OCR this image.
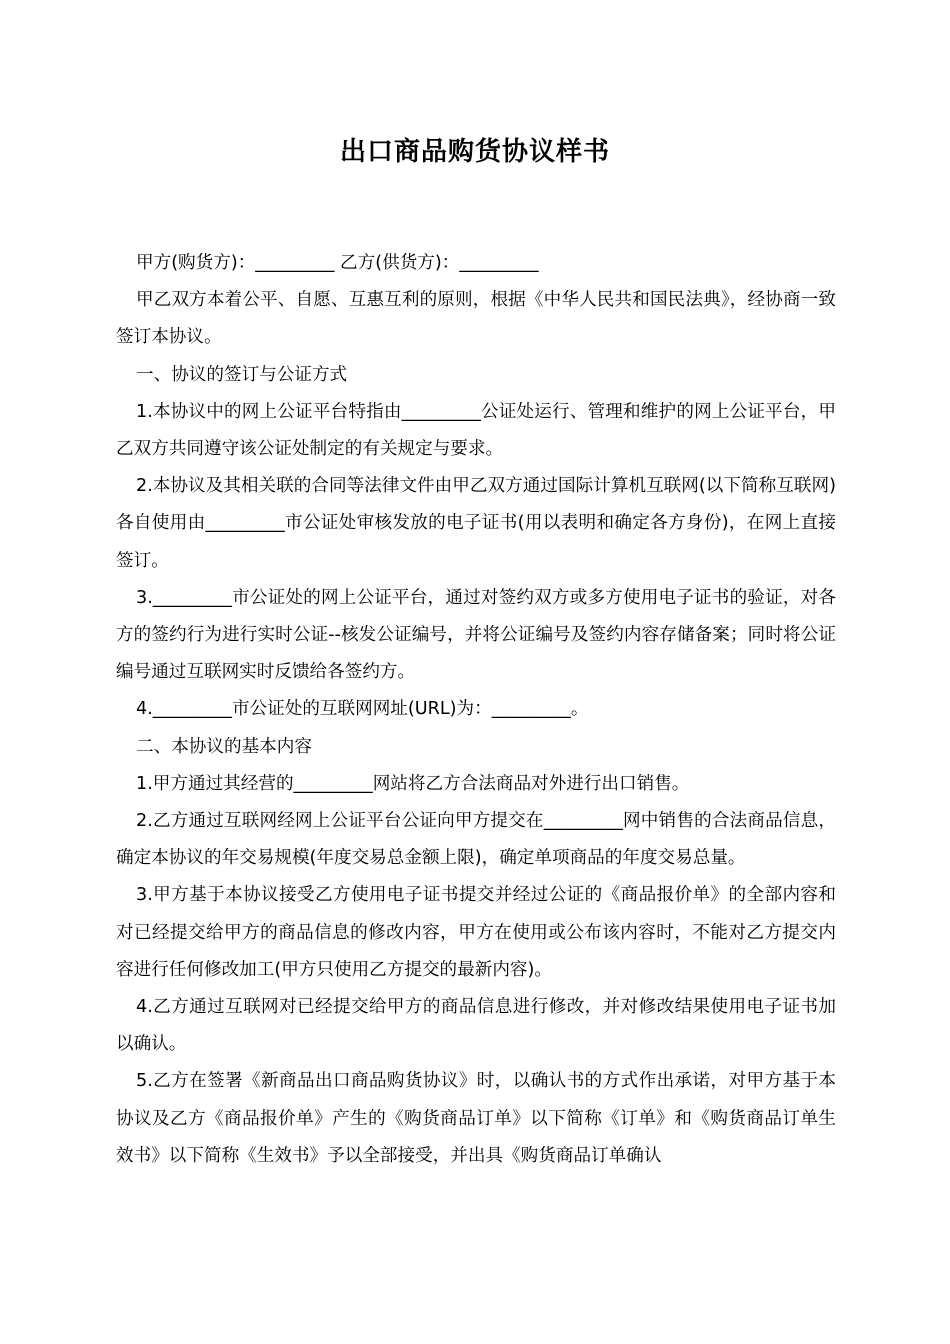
出口商品购货协议样书

甲方(购货方)：_________ 乙方(供货方)：_________

甲乙双方本着公平、自愿、互惠互利的原则，根据《中华人民共和国民法典》，经协商一致签订本协议。

一、协议的签订与公证方式

1.本协议中的网上公证平台特指由_________公证处运行、管理和维护的网上公证平台，甲乙双方共同遵守该公证处制定的有关规定与要求。

2.本协议及其相关联的合同等法律文件由甲乙双方通过国际计算机互联网(以下简称互联网)各自使用由_________市公证处审核发放的电子证书(用以表明和确定各方身份)，在网上直接签订。

3._________市公证处的网上公证平台，通过对签约双方或多方使用电子证书的验证，对各方的签约行为进行实时公证--核发公证编号，并将公证编号及签约内容存储备案；同时将公证编号通过互联网实时反馈给各签约方。

4._________市公证处的互联网网址(URL)为：_________。

二、本协议的基本内容

1.甲方通过其经营的_________网站将乙方合法商品对外进行出口销售。

2.乙方通过互联网经网上公证平台公证向甲方提交在_________网中销售的合法商品信息，确定本协议的年交易规模(年度交易总金额上限)，确定单项商品的年度交易总量。

3.甲方基于本协议接受乙方使用电子证书提交并经过公证的《商品报价单》的全部内容和对已经提交给甲方的商品信息的修改内容，甲方在使用或公布该内容时，不能对乙方提交内容进行任何修改加工(甲方只使用乙方提交的最新内容)。

4.乙方通过互联网对已经提交给甲方的商品信息进行修改，并对修改结果使用电子证书加以确认。

5.乙方在签署《新商品出口商品购货协议》时，以确认书的方式作出承诺，对甲方基于本协议及乙方《商品报价单》产生的《购货商品订单》以下简称《订单》和《购货商品订单生效书》以下简称《生效书》予以全部接受，并出具《购货商品订单确认
